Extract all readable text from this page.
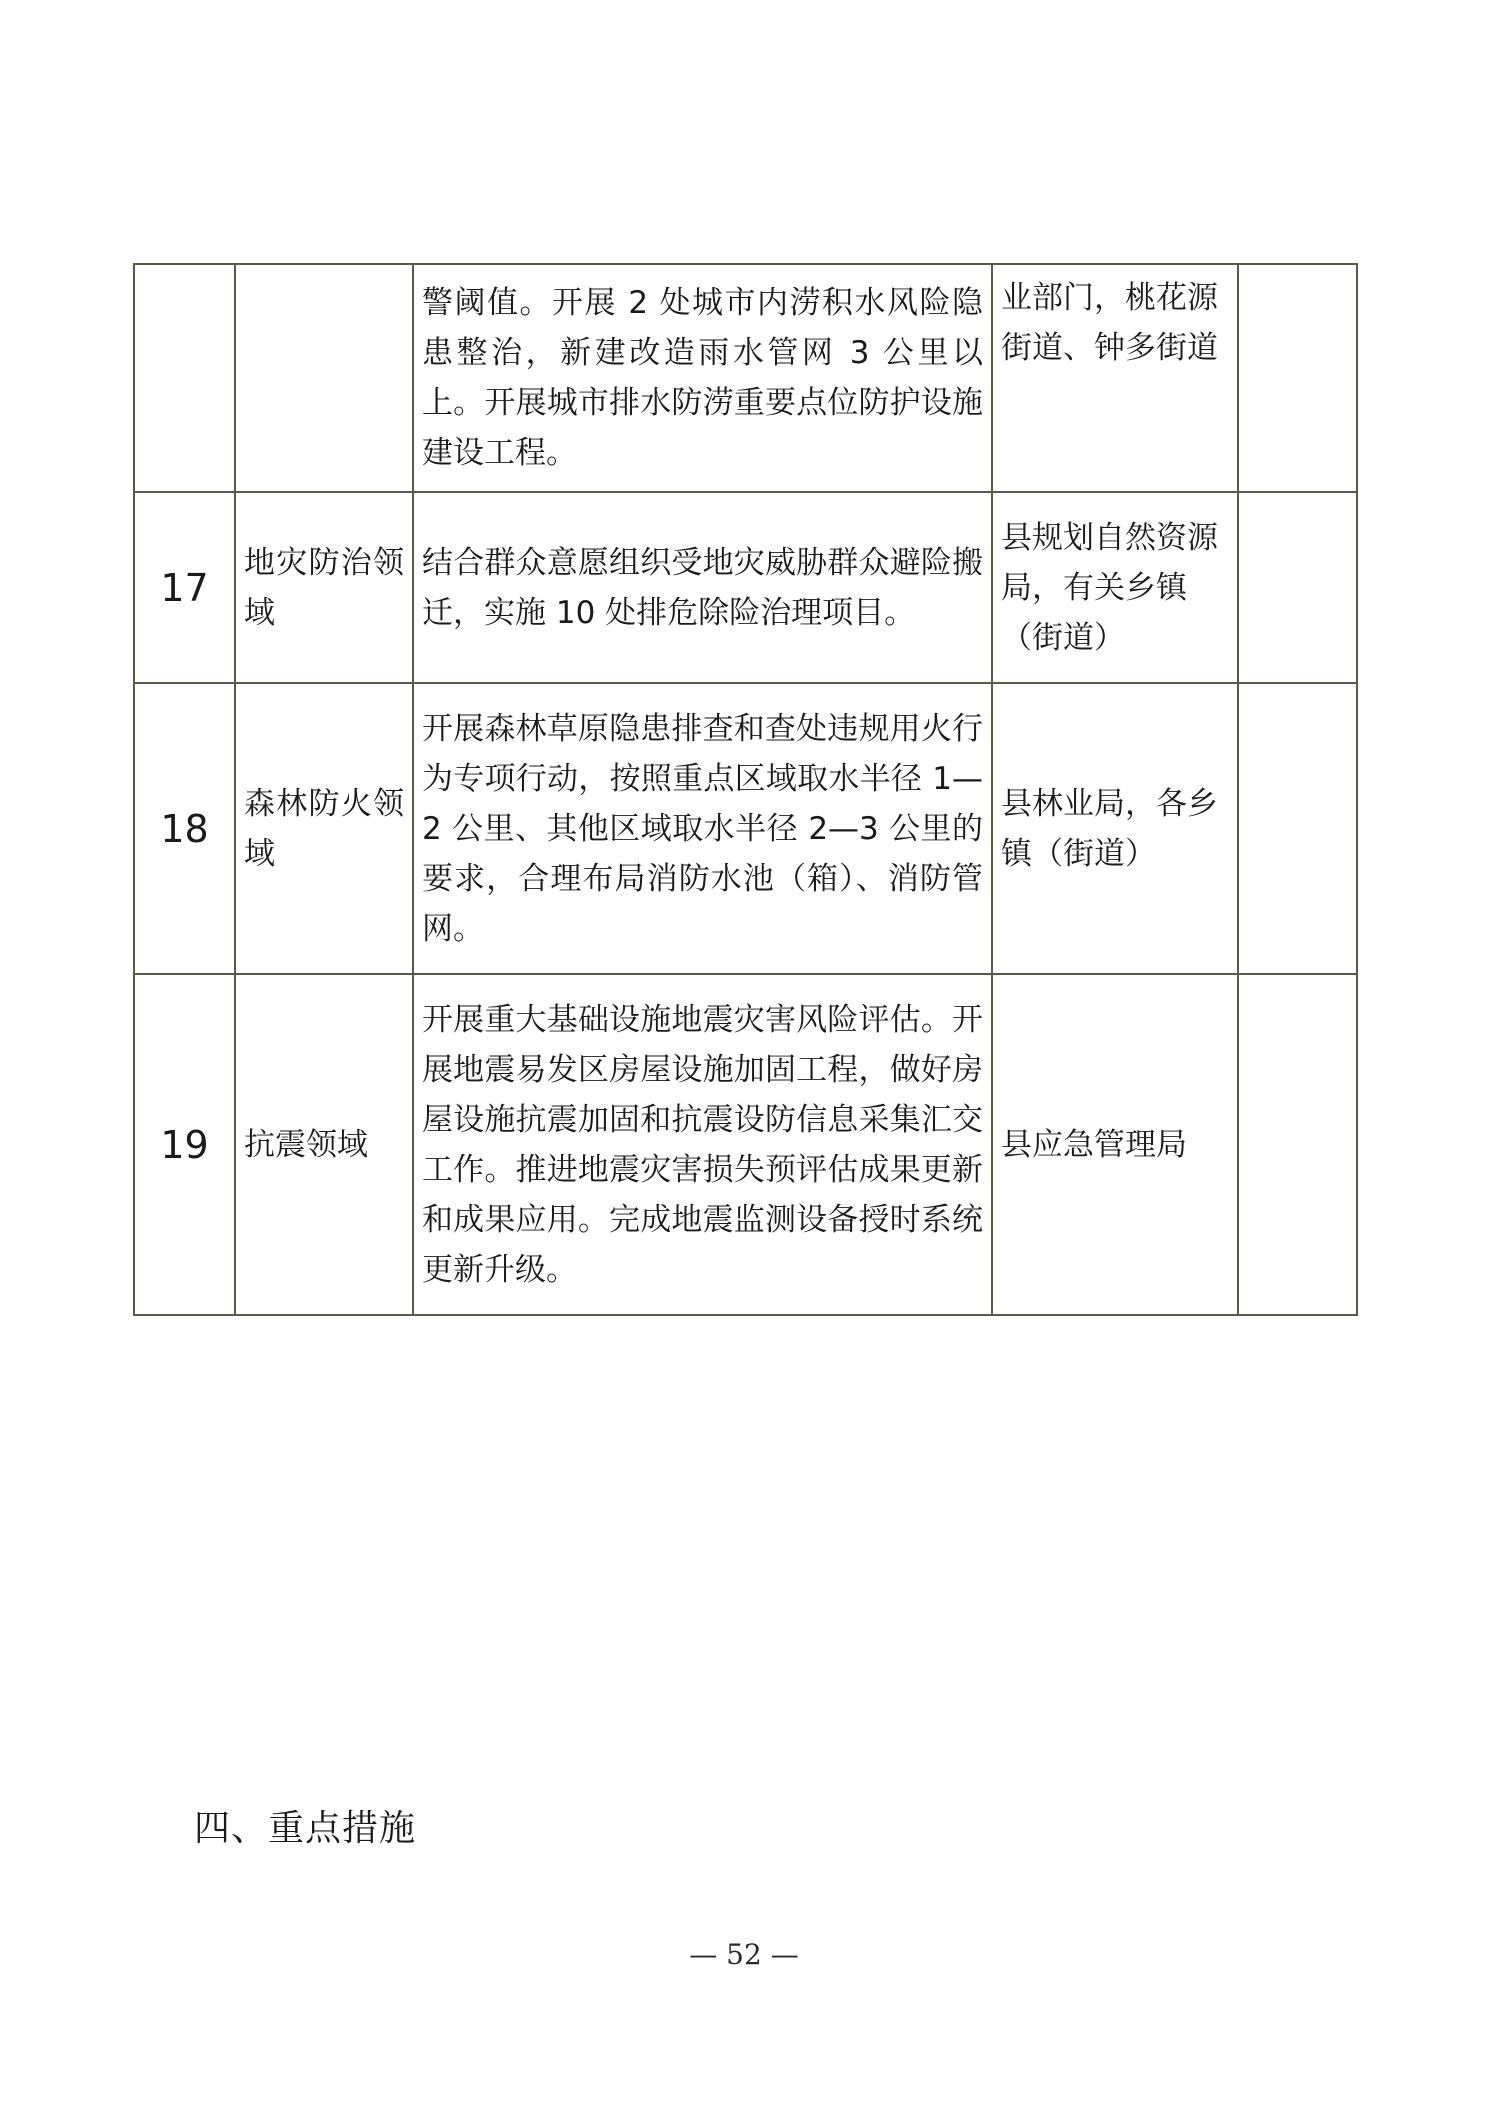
		警阈值。开展 2 处城市内涝积水风险隐患整治，新建改造雨水管网 3 公里以上。开展城市排水防涝重要点位防护设施建设工程。	业部门，桃花源街道、钟多街道	
17	地灾防治领域	结合群众意愿组织受地灾威胁群众避险搬迁，实施 10 处排危除险治理项目。	县规划自然资源局，有关乡镇（街道）	
18	森林防火领域	开展森林草原隐患排查和查处违规用火行为专项行动，按照重点区域取水半径 1—2 公里、其他区域取水半径 2—3 公里的要求，合理布局消防水池（箱）、消防管网。	县林业局，各乡镇（街道）	
19	抗震领域	开展重大基础设施地震灾害风险评估。开展地震易发区房屋设施加固工程，做好房屋设施抗震加固和抗震设防信息采集汇交工作。推进地震灾害损失预评估成果更新和成果应用。完成地震监测设备授时系统更新升级。	县应急管理局	
四、重点措施
— 52 —
